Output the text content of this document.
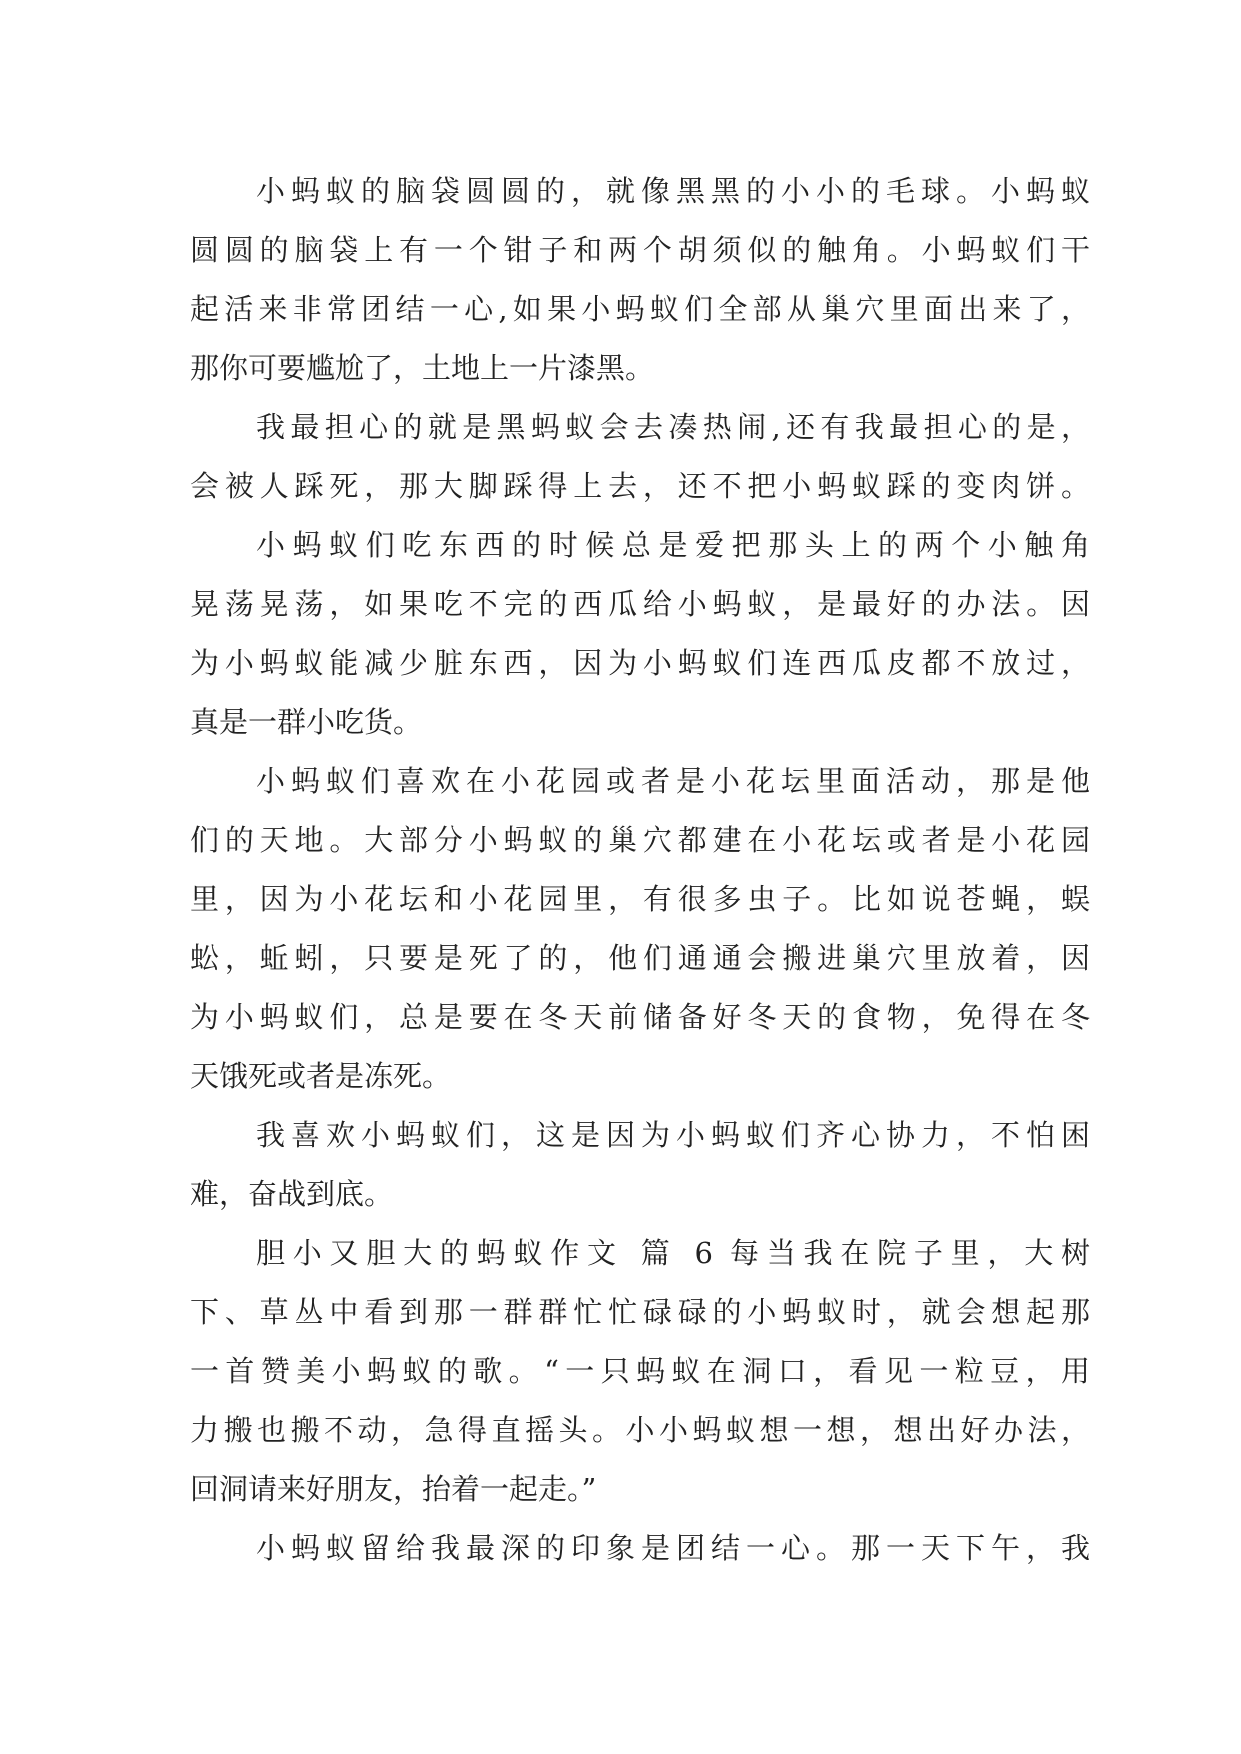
小蚂蚁的脑袋圆圆的，就像黑黑的小小的毛球。小蚂蚁
圆圆的脑袋上有一个钳子和两个胡须似的触角。小蚂蚁们干
起活来非常团结一心,如果小蚂蚁们全部从巢穴里面出来了，
那你可要尴尬了，土地上一片漆黑。
我最担心的就是黑蚂蚁会去凑热闹,还有我最担心的是，
会被人踩死，那大脚踩得上去，还不把小蚂蚁踩的变肉饼。
小蚂蚁们吃东西的时候总是爱把那头上的两个小触角
晃荡晃荡，如果吃不完的西瓜给小蚂蚁，是最好的办法。因
为小蚂蚁能减少脏东西，因为小蚂蚁们连西瓜皮都不放过，
真是一群小吃货。
小蚂蚁们喜欢在小花园或者是小花坛里面活动，那是他
们的天地。大部分小蚂蚁的巢穴都建在小花坛或者是小花园
里，因为小花坛和小花园里，有很多虫子。比如说苍蝇，蜈
蚣，蚯蚓，只要是死了的，他们通通会搬进巢穴里放着，因
为小蚂蚁们，总是要在冬天前储备好冬天的食物，免得在冬
天饿死或者是冻死。
我喜欢小蚂蚁们，这是因为小蚂蚁们齐心协力，不怕困
难，奋战到底。
胆小又胆大的蚂蚁作文 篇 6 每当我在院子里，大树
下、草丛中看到那一群群忙忙碌碌的小蚂蚁时，就会想起那
一首赞美小蚂蚁的歌。“一只蚂蚁在洞口，看见一粒豆，用
力搬也搬不动，急得直摇头。小小蚂蚁想一想，想出好办法，
回洞请来好朋友，抬着一起走。”
小蚂蚁留给我最深的印象是团结一心。那一天下午，我
